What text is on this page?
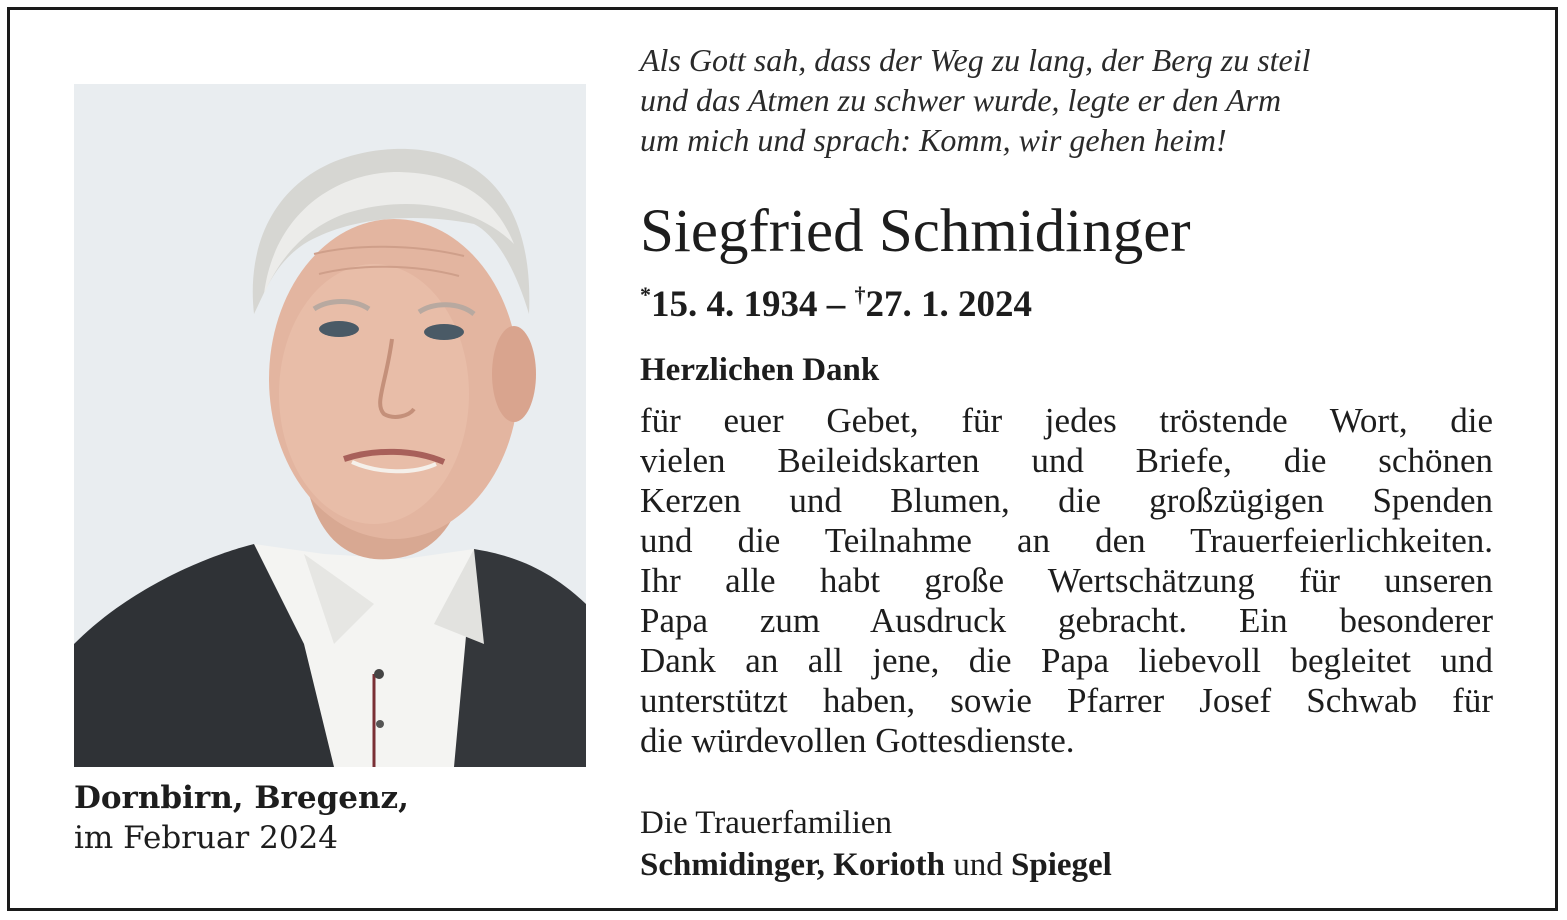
Als Gott sah, dass der Weg zu lang, der Berg zu steil
und das Atmen zu schwer wurde, legte er den Arm
um mich und sprach: Komm, wir gehen heim!
Siegfried Schmidinger
*15. 4. 1934 – †27. 1. 2024
Herzlichen Dank
für euer Gebet, für jedes tröstende Wort, die
vielen Beileidskarten und Briefe, die schönen
Kerzen und Blumen, die großzügigen Spenden
und die Teilnahme an den Trauerfeierlichkeiten.
Ihr alle habt große Wertschätzung für unseren
Papa zum Ausdruck gebracht. Ein besonderer
Dank an all jene, die Papa liebevoll begleitet und
unterstützt haben, sowie Pfarrer Josef Schwab für
die würdevollen Gottesdienste.
Die Trauerfamilien
Schmidinger, Korioth und Spiegel
Dornbirn, Bregenz,
im Februar 2024
